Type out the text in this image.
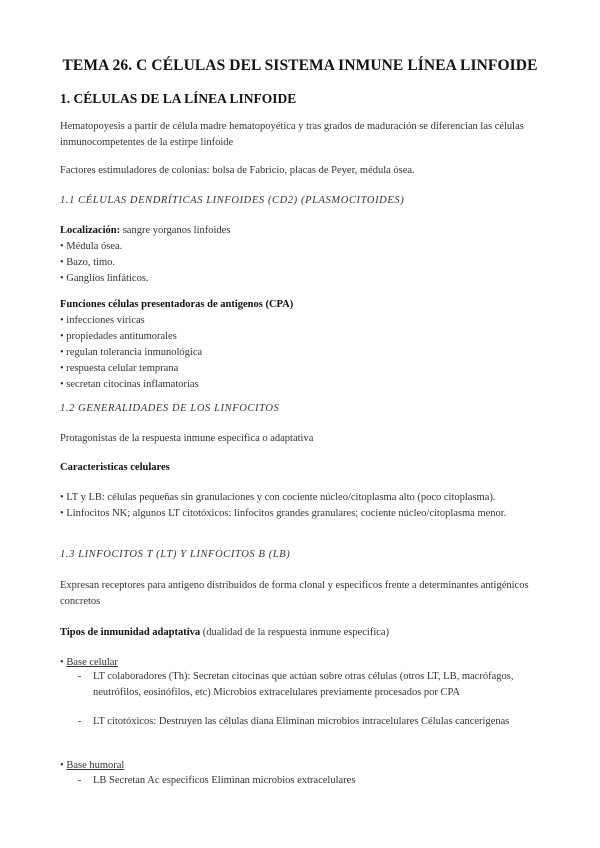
TEMA 26. C CÉLULAS DEL SISTEMA INMUNE LÍNEA LINFOIDE
1. CÉLULAS DE LA LÍNEA LINFOIDE
Hematopoyesis a partir de célula madre hematopoyética y tras grados de maduración se diferencian las células inmunocompetentes de la estirpe linfoide
Factores estimuladores de colonias: bolsa de Fabricio, placas de Peyer, médula ósea.
1.1 CÉLULAS DENDRÍTICAS LINFOIDES (CD2) (PLASMOCITOIDES)
Localización: sangre yorganos linfoides
• Médula ósea.
• Bazo, timo.
• Ganglios linfáticos.
Funciones células presentadoras de antigenos (CPA)
• infecciones viricas
• propiedades antitumorales
• regulan tolerancia inmunológica
• respuesta celular temprana
• secretan citocinas inflamatorias
1.2 GENERALIDADES DE LOS LINFOCITOS
Protagonistas de la respuesta inmune especifica o adaptativa
Caracteristicas celulares
• LT y LB: células pequeñas sin granulaciones y con cociente núcleo/citoplasma alto (poco citoplasma).
• Linfocitos NK; algunos LT citotóxicos: linfocitos grandes granulares; cociente núcleo/citoplasma menor.
1.3 LINFOCITOS T (LT) Y LINFOCITOS B (LB)
Expresan receptores para antigeno distribuidos de forma clonal y especificos frente a determinantes antigénicos concretos
Tipos de inmunidad adaptativa (dualidad de la respuesta inmune especifica)
• Base celular
- LT colaboradores (Th): Secretan citocinas que actúan sobre otras células (otros LT, LB, macrófagos, neutrófilos, eosinófilos, etc) Microbios extracelulares previamente procesados por CPA
- LT citotóxicos: Destruyen las células diana Eliminan microbios intracelulares Células cancerigenas
• Base humoral
- LB Secretan Ac especificos Eliminan microbios extracelulares
